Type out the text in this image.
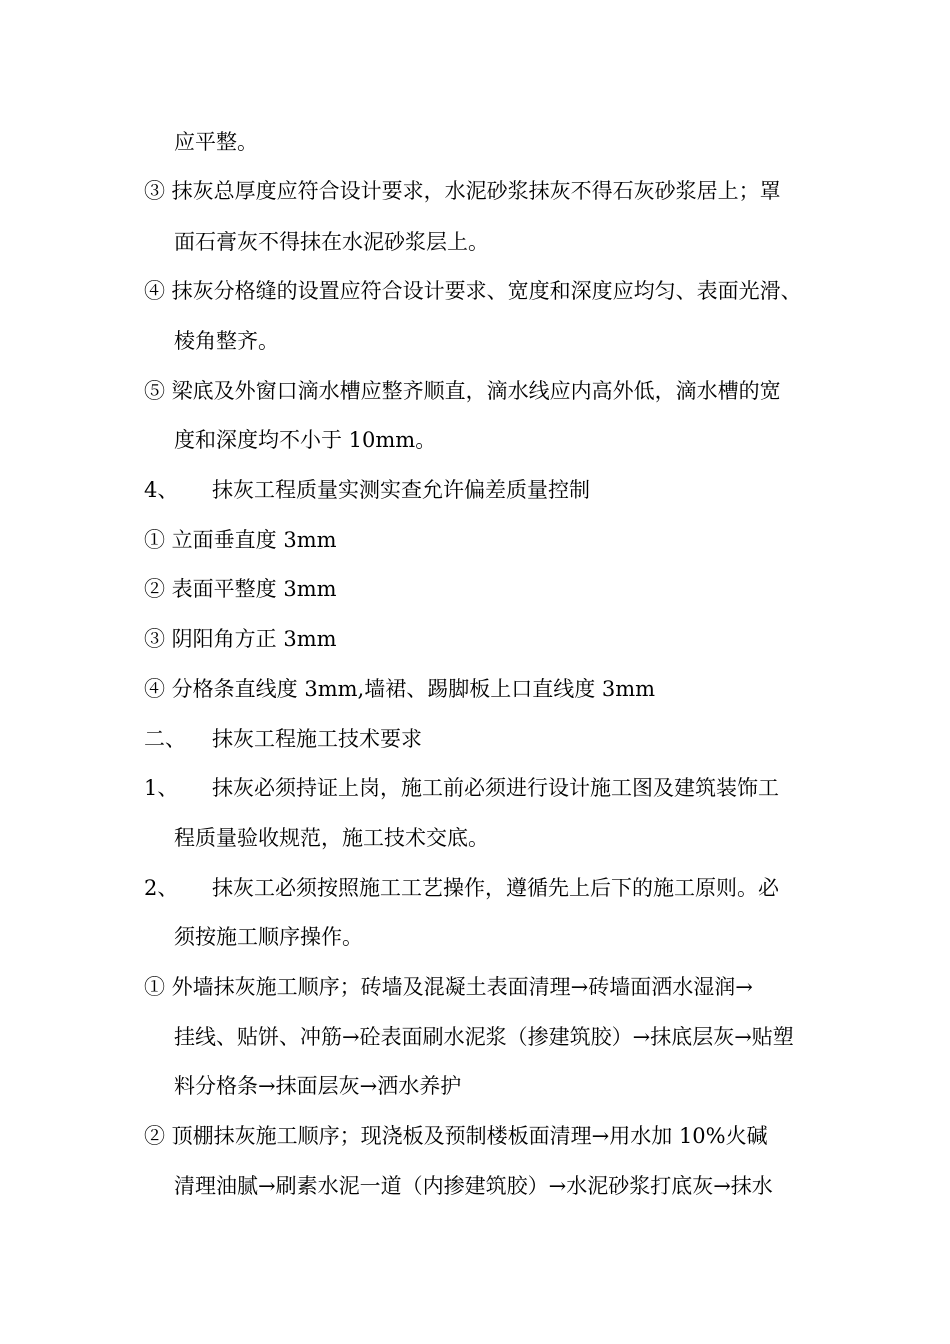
应平整。
③ 抹灰总厚度应符合设计要求，水泥砂浆抹灰不得石灰砂浆居上；罩
面石膏灰不得抹在水泥砂浆层上。
④ 抹灰分格缝的设置应符合设计要求、宽度和深度应均匀、表面光滑、
棱角整齐。
⑤ 梁底及外窗口滴水槽应整齐顺直，滴水线应内高外低，滴水槽的宽
度和深度均不小于 10mm。
4、 抹灰工程质量实测实查允许偏差质量控制
① 立面垂直度 3mm
② 表面平整度 3mm
③ 阴阳角方正 3mm
④ 分格条直线度 3mm,墙裙、踢脚板上口直线度 3mm
二、 抹灰工程施工技术要求
1、 抹灰必须持证上岗，施工前必须进行设计施工图及建筑装饰工
程质量验收规范，施工技术交底。
2、 抹灰工必须按照施工工艺操作，遵循先上后下的施工原则。必
须按施工顺序操作。
① 外墙抹灰施工顺序；砖墙及混凝土表面清理→砖墙面洒水湿润→
挂线、贴饼、冲筋→砼表面刷水泥浆（掺建筑胶）→抹底层灰→贴塑
料分格条→抹面层灰→洒水养护
② 顶棚抹灰施工顺序；现浇板及预制楼板面清理→用水加 10%火碱
清理油腻→刷素水泥一道（内掺建筑胶）→水泥砂浆打底灰→抹水
